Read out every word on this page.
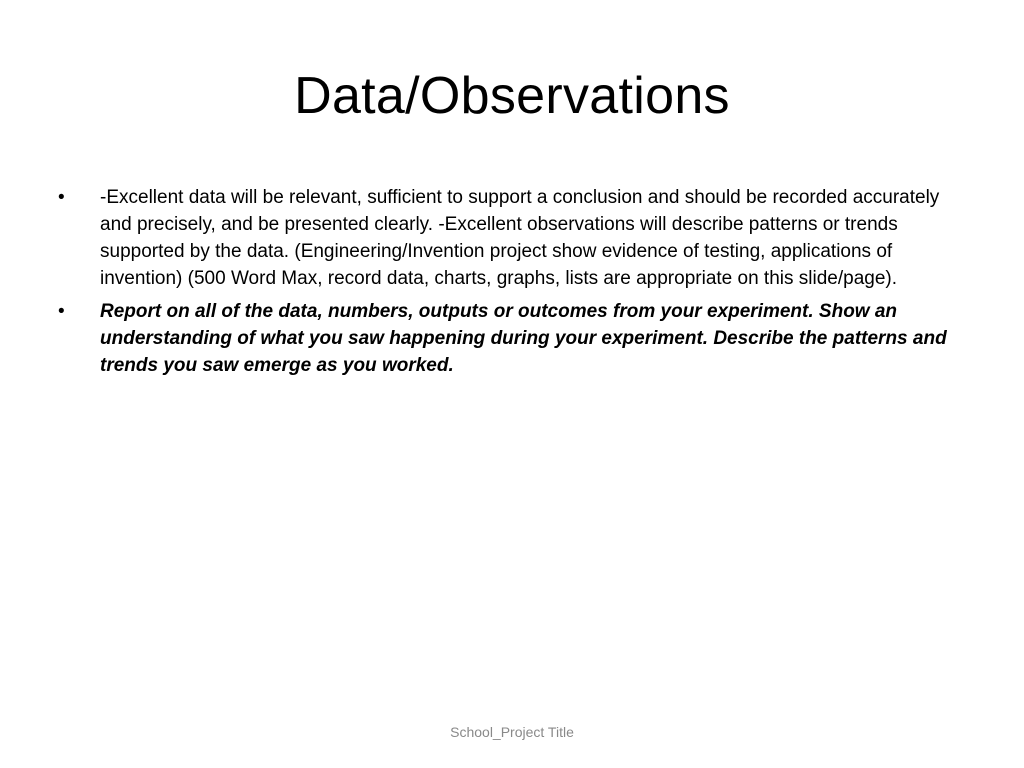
Data/Observations
•	-Excellent data will be relevant, sufficient to support a conclusion and should be recorded accurately and precisely, and be presented clearly. -Excellent observations will describe patterns or trends supported by the data. (Engineering/Invention project show evidence of testing, applications of invention) (500 Word Max, record data, charts, graphs, lists are appropriate on this slide/page).
•	Report on all of the data, numbers, outputs or outcomes from your experiment. Show an understanding of what you saw happening during your experiment. Describe the patterns and trends you saw emerge as you worked.
School_Project Title
